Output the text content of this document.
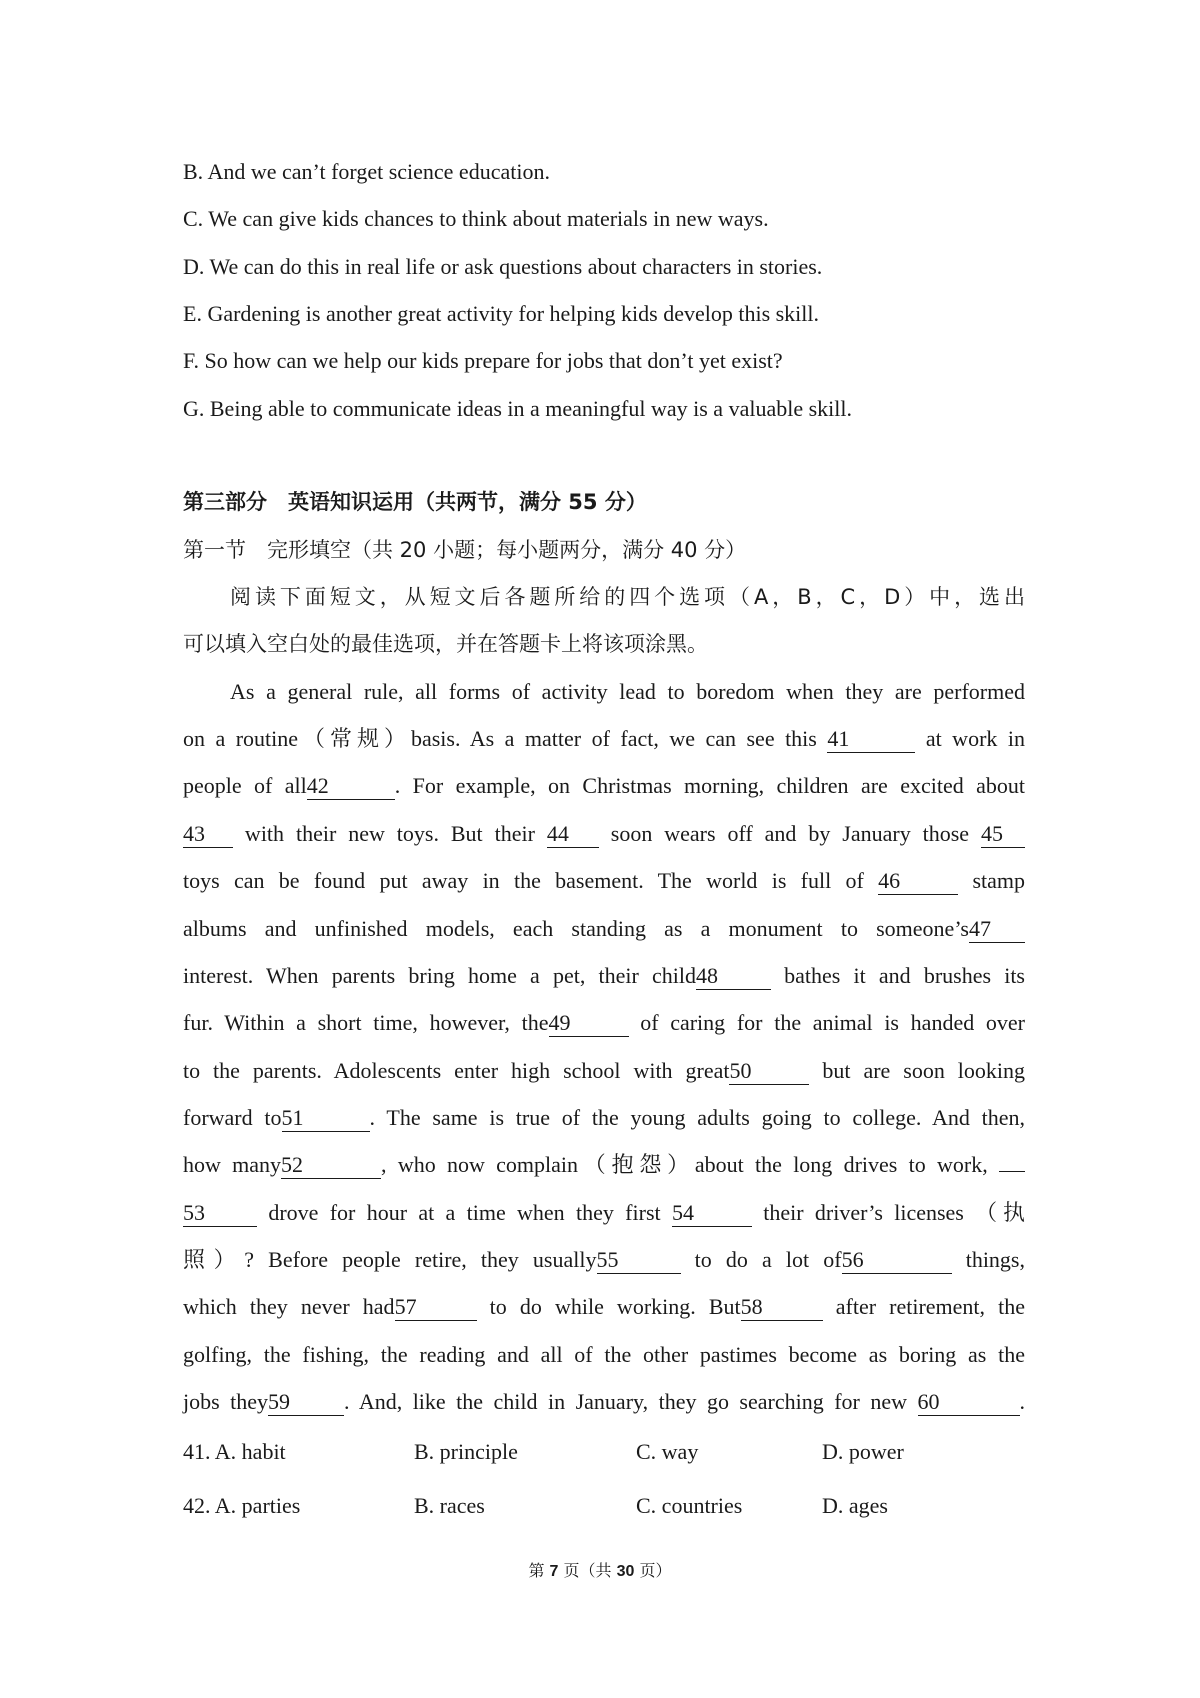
B. And we can’t forget science education.
C. We can give kids chances to think about materials in new ways.
D. We can do this in real life or ask questions about characters in stories.
E. Gardening is another great activity for helping kids develop this skill.
F. So how can we help our kids prepare for jobs that don’t yet exist?
G. Being able to communicate ideas in a meaningful way is a valuable skill.
第三部分　英语知识运用（共两节，满分 55 分）
第一节　完形填空（共 20 小题；每小题两分，满分 40 分）
阅读下面短文，从短文后各题所给的四个选项（A，B，C，D）中，选出
可以填入空白处的最佳选项，并在答题卡上将该项涂黑。
As a general rule, all forms of activity lead to boredom when they are performed
on a routine（常规）basis. As a matter of fact, we can see this 41	at work in
people of all42	. For example, on Christmas morning, children are excited about
43 with their new toys. But their 44 soon wears off and by January those 45
toys can be found put away in the basement. The world is full of 46	stamp
albums and unfinished models, each standing as a monument to someone’s47
interest. When parents bring home a pet, their child48 bathes it and brushes its
fur. Within a short time, however, the49	of caring for the animal is handed over
to the parents. Adolescents enter high school with great50	but are soon looking
forward to51	. The same is true of the young adults going to college. And then,
how many52	, who now complain（抱怨）about the long drives to work,
53 drove for hour at a time when they first 54	their driver’s licenses （执
照）? Before people retire, they usually55	to do a lot of56	things,
which they never had57	to do while working. But58	after retirement, the
golfing, the fishing, the reading and all of the other pastimes become as boring as the
jobs they59 . And, like the child in January, they go searching for new 60	.
41. A. habit	B. principle	C. way	D. power
42. A. parties	B. races	C. countries	D. ages
第 7 页（共 30 页）
